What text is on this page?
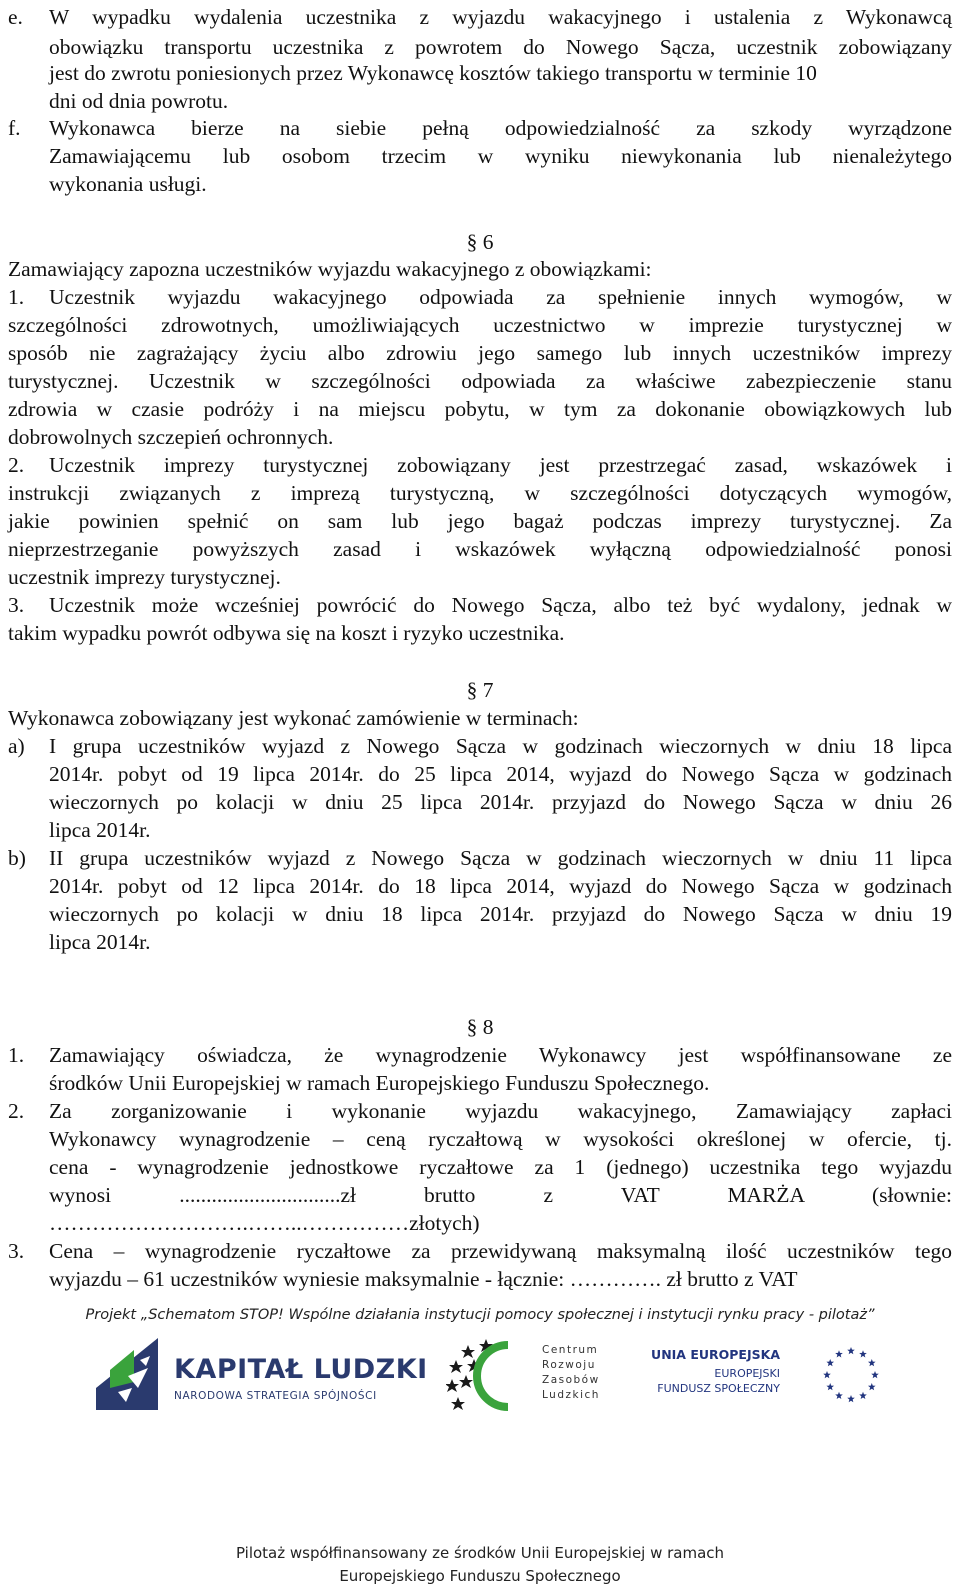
e. W wypadku wydalenia uczestnika z wyjazdu wakacyjnego i ustalenia z Wykonawcą
obowiązku transportu uczestnika z powrotem do Nowego Sącza, uczestnik zobowiązany
jest do zwrotu poniesionych przez Wykonawcę kosztów takiego transportu w terminie 10
dni od dnia powrotu.
f. Wykonawca bierze na siebie pełną odpowiedzialność za szkody wyrządzone
Zamawiającemu lub osobom trzecim w wyniku niewykonania lub nienależytego
wykonania usługi.
§ 6
Zamawiający zapozna uczestników wyjazdu wakacyjnego z obowiązkami:
1. Uczestnik wyjazdu wakacyjnego odpowiada za spełnienie innych wymogów, w
szczególności zdrowotnych, umożliwiających uczestnictwo w imprezie turystycznej w
sposób nie zagrażający życiu albo zdrowiu jego samego lub innych uczestników imprezy
turystycznej. Uczestnik w szczególności odpowiada za właściwe zabezpieczenie stanu
zdrowia w czasie podróży i na miejscu pobytu, w tym za dokonanie obowiązkowych lub
dobrowolnych szczepień ochronnych.
2. Uczestnik imprezy turystycznej zobowiązany jest przestrzegać zasad, wskazówek i
instrukcji związanych z imprezą turystyczną, w szczególności dotyczących wymogów,
jakie powinien spełnić on sam lub jego bagaż podczas imprezy turystycznej. Za
nieprzestrzeganie powyższych zasad i wskazówek wyłączną odpowiedzialność ponosi
uczestnik imprezy turystycznej.
3. Uczestnik może wcześniej powrócić do Nowego Sącza, albo też być wydalony, jednak w
takim wypadku powrót odbywa się na koszt i ryzyko uczestnika.
§ 7
Wykonawca zobowiązany jest wykonać zamówienie w terminach:
a) I grupa uczestników wyjazd z Nowego Sącza w godzinach wieczornych w dniu 18 lipca
2014r. pobyt od 19 lipca 2014r. do 25 lipca 2014, wyjazd do Nowego Sącza w godzinach
wieczornych po kolacji w dniu 25 lipca 2014r. przyjazd do Nowego Sącza w dniu 26
lipca 2014r.
b) II grupa uczestników wyjazd z Nowego Sącza w godzinach wieczornych w dniu 11 lipca
2014r. pobyt od 12 lipca 2014r. do 18 lipca 2014, wyjazd do Nowego Sącza w godzinach
wieczornych po kolacji w dniu 18 lipca 2014r. przyjazd do Nowego Sącza w dniu 19
lipca 2014r.
§ 8
1. Zamawiający oświadcza, że wynagrodzenie Wykonawcy jest współfinansowane ze
środków Unii Europejskiej w ramach Europejskiego Funduszu Społecznego.
2. Za zorganizowanie i wykonanie wyjazdu wakacyjnego, Zamawiający zapłaci
Wykonawcy wynagrodzenie – ceną ryczałtową w wysokości określonej w ofercie, tj.
cena - wynagrodzenie jednostkowe ryczałtowe za 1 (jednego) uczestnika tego wyjazdu
wynosi ..............................zł brutto z VAT MARŻA (słownie:
……………………….……..……………złotych)
3. Cena – wynagrodzenie ryczałtowe za przewidywaną maksymalną ilość uczestników tego
wyjazdu – 61 uczestników wyniesie maksymalnie - łącznie: …………. zł brutto z VAT
Projekt „Schematom STOP! Wspólne działania instytucji pomocy społecznej i instytucji rynku pracy - pilotaż”
KAPITAŁ LUDZKI
NARODOWA STRATEGIA SPÓJNOŚCI
Centrum
Rozwoju
Zasobów
Ludzkich
UNIA EUROPEJSKA
EUROPEJSKI
FUNDUSZ SPOŁECZNY
Pilotaż współfinansowany ze środków Unii Europejskiej w ramach
Europejskiego Funduszu Społecznego
